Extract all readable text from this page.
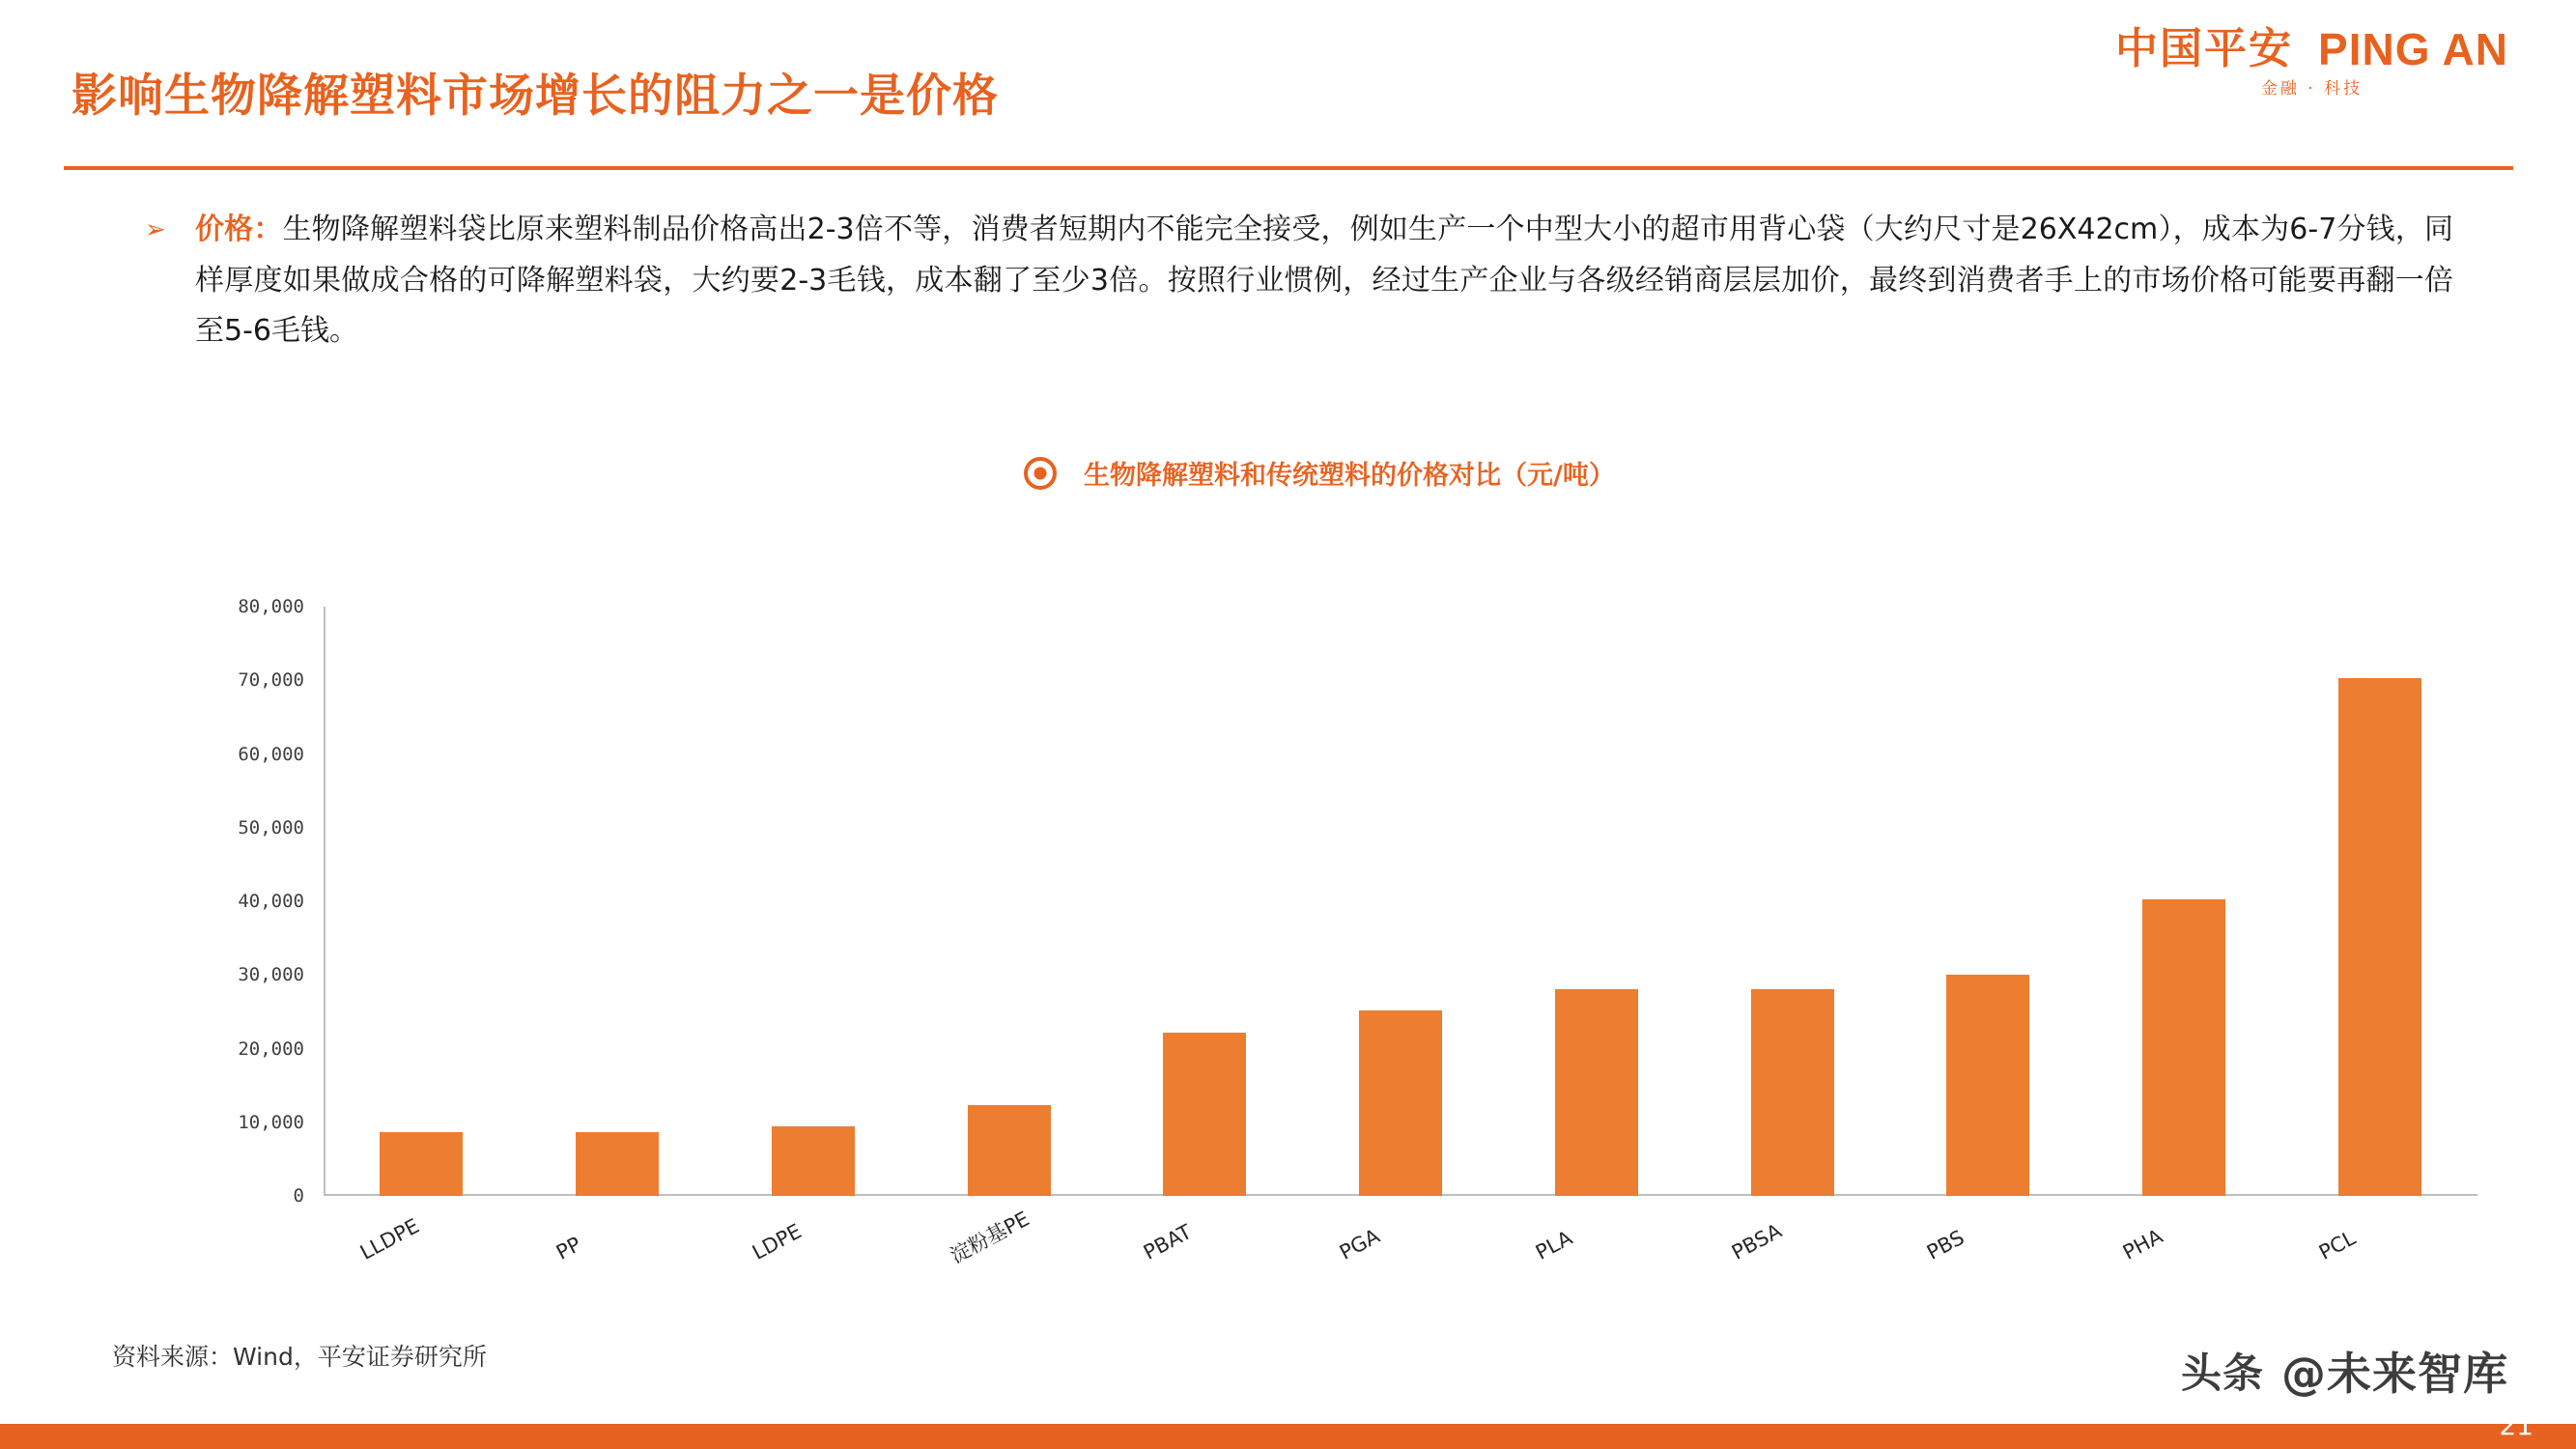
中国平安 PING AN
金融 · 科技
影响生物降解塑料市场增长的阻力之一是价格
➢ 价格：生物降解塑料袋比原来塑料制品价格高出2-3倍不等，消费者短期内不能完全接受，例如生产一个中型大小的超市用背心袋（大约尺寸是26X42cm），成本为6-7分钱，同样厚度如果做成合格的可降解塑料袋，大约要2-3毛钱，成本翻了至少3倍。按照行业惯例，经过生产企业与各级经销商层层加价，最终到消费者手上的市场价格可能要再翻一倍至5-6毛钱。
生物降解塑料和传统塑料的价格对比（元/吨）
0
10,000
20,000
30,000
40,000
50,000
60,000
70,000
80,000
LLDPE	PP	LDPE	淀粉基PE	PBAT	PGA	PLA	PBSA	PBS	PHA	PCL
资料来源：Wind，平安证券研究所	头条 @未来智库
21
